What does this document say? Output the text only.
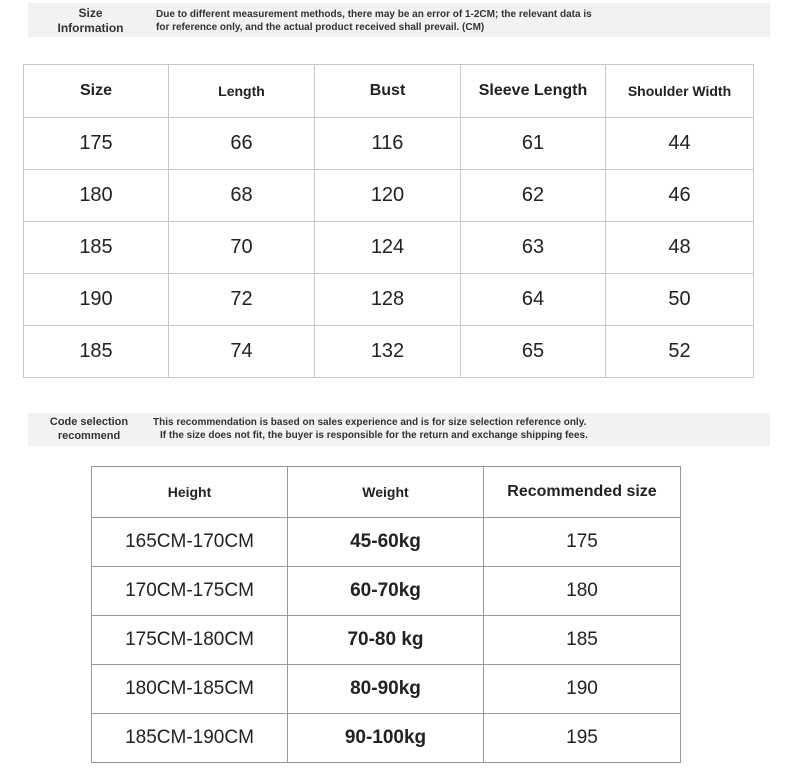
Size
Information
Due to different measurement methods, there may be an error of 1-2CM; the relevant data is
for reference only, and the actual product received shall prevail. (CM)
Size	Length	Bust	Sleeve Length	Shoulder Width
175	66	116	61	44
180	68	120	62	46
185	70	124	63	48
190	72	128	64	50
185	74	132	65	52
Code selection
recommend
This recommendation is based on sales experience and is for size selection reference only.
If the size does not fit, the buyer is responsible for the return and exchange shipping fees.
Height	Weight	Recommended size
165CM-170CM	45-60kg	175
170CM-175CM	60-70kg	180
175CM-180CM	70-80 kg	185
180CM-185CM	80-90kg	190
185CM-190CM	90-100kg	195
